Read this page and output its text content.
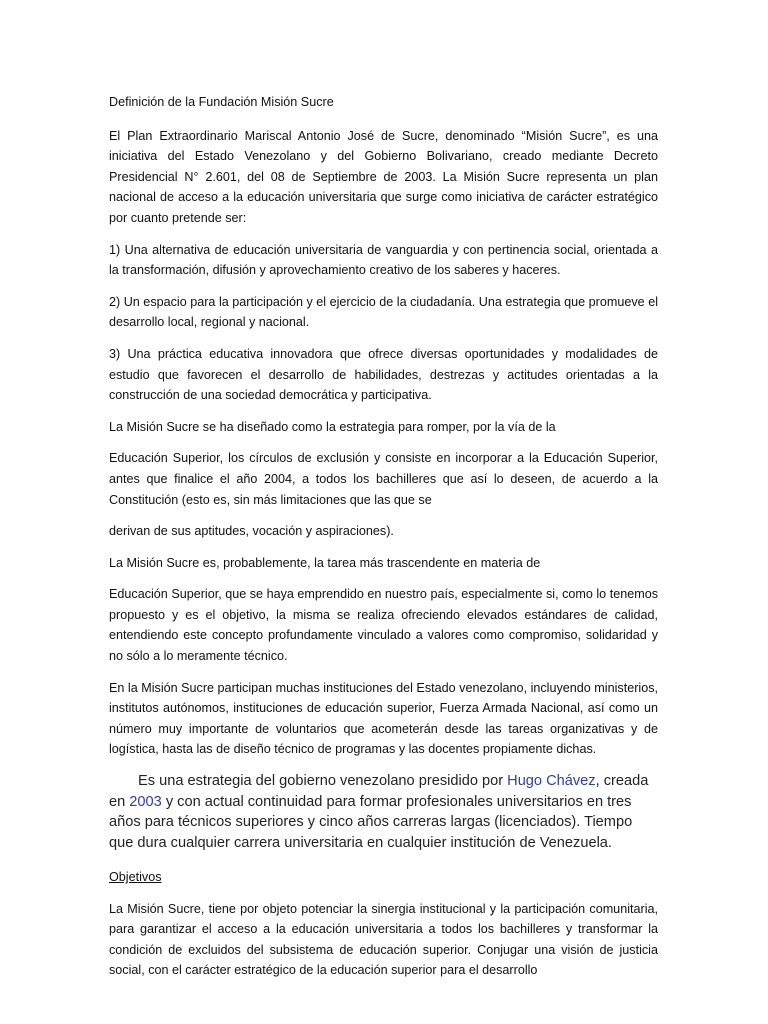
Definición de la Fundación Misión Sucre

El Plan Extraordinario Mariscal Antonio José de Sucre, denominado “Misión Sucre”, es una iniciativa del Estado Venezolano y del Gobierno Bolivariano, creado mediante Decreto Presidencial N° 2.601, del 08 de Septiembre de 2003. La Misión Sucre representa un plan nacional de acceso a la educación universitaria que surge como iniciativa de carácter estratégico por cuanto pretende ser:

1) Una alternativa de educación universitaria de vanguardia y con pertinencia social, orientada a la transformación, difusión y aprovechamiento creativo de los saberes y haceres.

2) Un espacio para la participación y el ejercicio de la ciudadanía. Una estrategia que promueve el desarrollo local, regional y nacional.

3) Una práctica educativa innovadora que ofrece diversas oportunidades y modalidades de estudio que favorecen el desarrollo de habilidades, destrezas y actitudes orientadas a la construcción de una sociedad democrática y participativa.

La Misión Sucre se ha diseñado como la estrategia para romper, por la vía de la

Educación Superior, los círculos de exclusión y consiste en incorporar a la Educación Superior, antes que finalice el año 2004, a todos los bachilleres que así lo deseen, de acuerdo a la Constitución (esto es, sin más limitaciones que las que se

derivan de sus aptitudes, vocación y aspiraciones).

La Misión Sucre es, probablemente, la tarea más trascendente en materia de

Educación Superior, que se haya emprendido en nuestro país, especialmente si, como lo tenemos propuesto y es el objetivo, la misma se realiza ofreciendo elevados estándares de calidad, entendiendo este concepto profundamente vinculado a valores como compromiso, solidaridad y no sólo a lo meramente técnico.

En la Misión Sucre participan muchas instituciones del Estado venezolano, incluyendo ministerios, institutos autónomos, instituciones de educación superior, Fuerza Armada Nacional, así como un número muy importante de voluntarios que acometerán desde las tareas organizativas y de logística, hasta las de diseño técnico de programas y las docentes propiamente dichas.

Es una estrategia del gobierno venezolano presidido por Hugo Chávez, creada en 2003 y con actual continuidad para formar profesionales universitarios en tres años para técnicos superiores y cinco años carreras largas (licenciados). Tiempo que dura cualquier carrera universitaria en cualquier institución de Venezuela.

Objetivos

La Misión Sucre, tiene por objeto potenciar la sinergia institucional y la participación comunitaria, para garantizar el acceso a la educación universitaria a todos los bachilleres y transformar la condición de excluidos del subsistema de educación superior. Conjugar una visión de justicia social, con el carácter estratégico de la educación superior para el desarrollo
